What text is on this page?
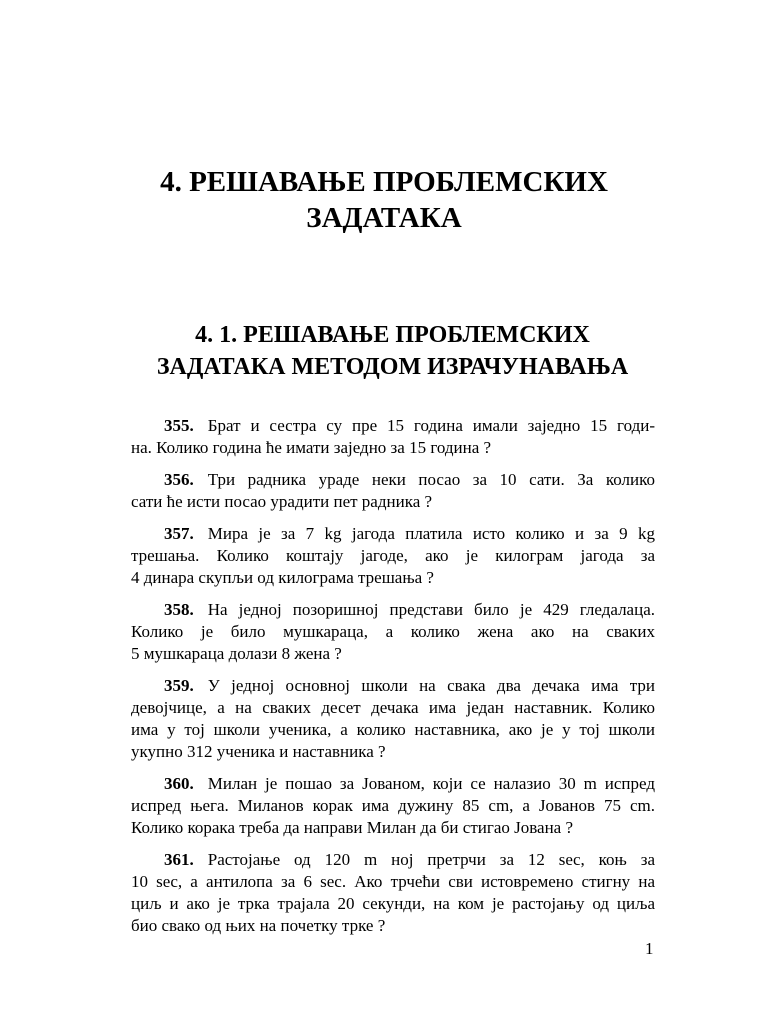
4. РЕШАВАЊЕ ПРОБЛЕМСКИХ
ЗАДАТАКА
4. 1. РЕШАВАЊЕ ПРОБЛЕМСКИХ
ЗАДАТАКА МЕТОДОМ ИЗРАЧУНАВАЊА
355. Брат и сестра су пре 15 година имали заједно 15 годи-
на. Колико година ће имати заједно за 15 година ?
356. Три радника ураде неки посао за 10 сати. За колико
сати ће исти посао урадити пет радника ?
357. Мира је за 7 kg јагода платила исто колико и за 9 kg
трешања. Колико коштају јагоде, ако је килограм јагода за
4 динара скупљи од килограма трешања ?
358. На једној позоришној представи било је 429 гледалаца.
Колико је било мушкараца, а колико жена ако на сваких
5 мушкараца долази 8 жена ?
359. У једној основној школи на свака два дечака има три
девојчице, а на сваких десет дечака има један наставник. Колико
има у тој школи ученика, а колико наставника, ако је у тој школи
укупно 312 ученика и наставника ?
360. Милан је пошао за Јованом, који се налазио 30 m испред
испред њега. Миланов корак има дужину 85 cm, а Јованов 75 cm.
Колико корака треба да направи Милан да би стигао Јована ?
361. Растојање од 120 m ној претрчи за 12 sec, коњ за
10 sec, а антилопа за 6 sec. Ако трчећи сви истовремено стигну на
циљ и ако је трка трајала 20 секунди, на ком је растојању од циља
био свако од њих на почетку трке ?
1
